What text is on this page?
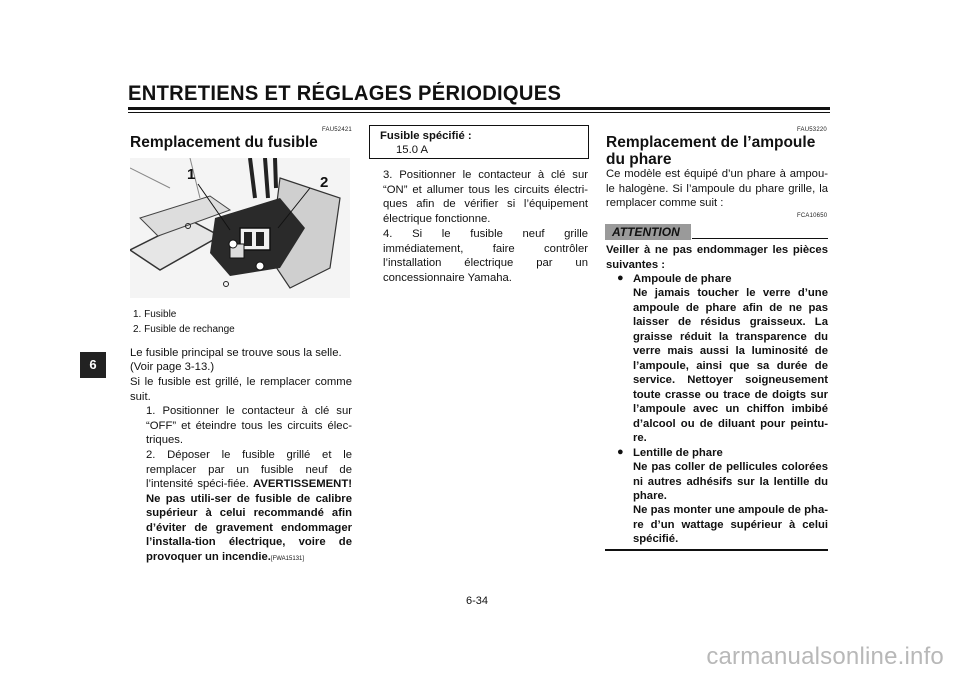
ENTRETIENS ET RÉGLAGES PÉRIODIQUES
6
FAU52421
Remplacement du fusible
1	2
1. Fusible
2. Fusible de rechange
Le fusible principal se trouve sous la selle.
(Voir page 3-13.)
Si le fusible est grillé, le remplacer comme suit.
1. Positionner le contacteur à clé sur “OFF” et éteindre tous les circuits élec-triques.
2. Déposer le fusible grillé et le remplacer par un fusible neuf de l’intensité spéci-fiée. AVERTISSEMENT! Ne pas utili-ser de fusible de calibre supérieur à celui recommandé afin d’éviter de gravement endommager l’installa-tion électrique, voire de provoquer un incendie.[FWA15131]
Fusible spécifié :
15.0 A
3. Positionner le contacteur à clé sur “ON” et allumer tous les circuits électri-ques afin de vérifier si l’équipement électrique fonctionne.
4. Si le fusible neuf grille immédiatement, faire contrôler l’installation électrique par un concessionnaire Yamaha.
FAU53220
Remplacement de l’ampoule du phare
Ce modèle est équipé d’un phare à ampou-le halogène. Si l’ampoule du phare grille, la remplacer comme suit :
FCA10650
ATTENTION
Veiller à ne pas endommager les pièces suivantes :
● Ampoule de phare
Ne jamais toucher le verre d’une ampoule de phare afin de ne pas laisser de résidus graisseux. La graisse réduit la transparence du verre mais aussi la luminosité de l’ampoule, ainsi que sa durée de service. Nettoyer soigneusement toute crasse ou trace de doigts sur l’ampoule avec un chiffon imbibé d’alcool ou de diluant pour peintu-re.
● Lentille de phare
Ne pas coller de pellicules colorées ni autres adhésifs sur la lentille du phare.
Ne pas monter une ampoule de pha-re d’un wattage supérieur à celui spécifié.
6-34
carmanualsonline.info
